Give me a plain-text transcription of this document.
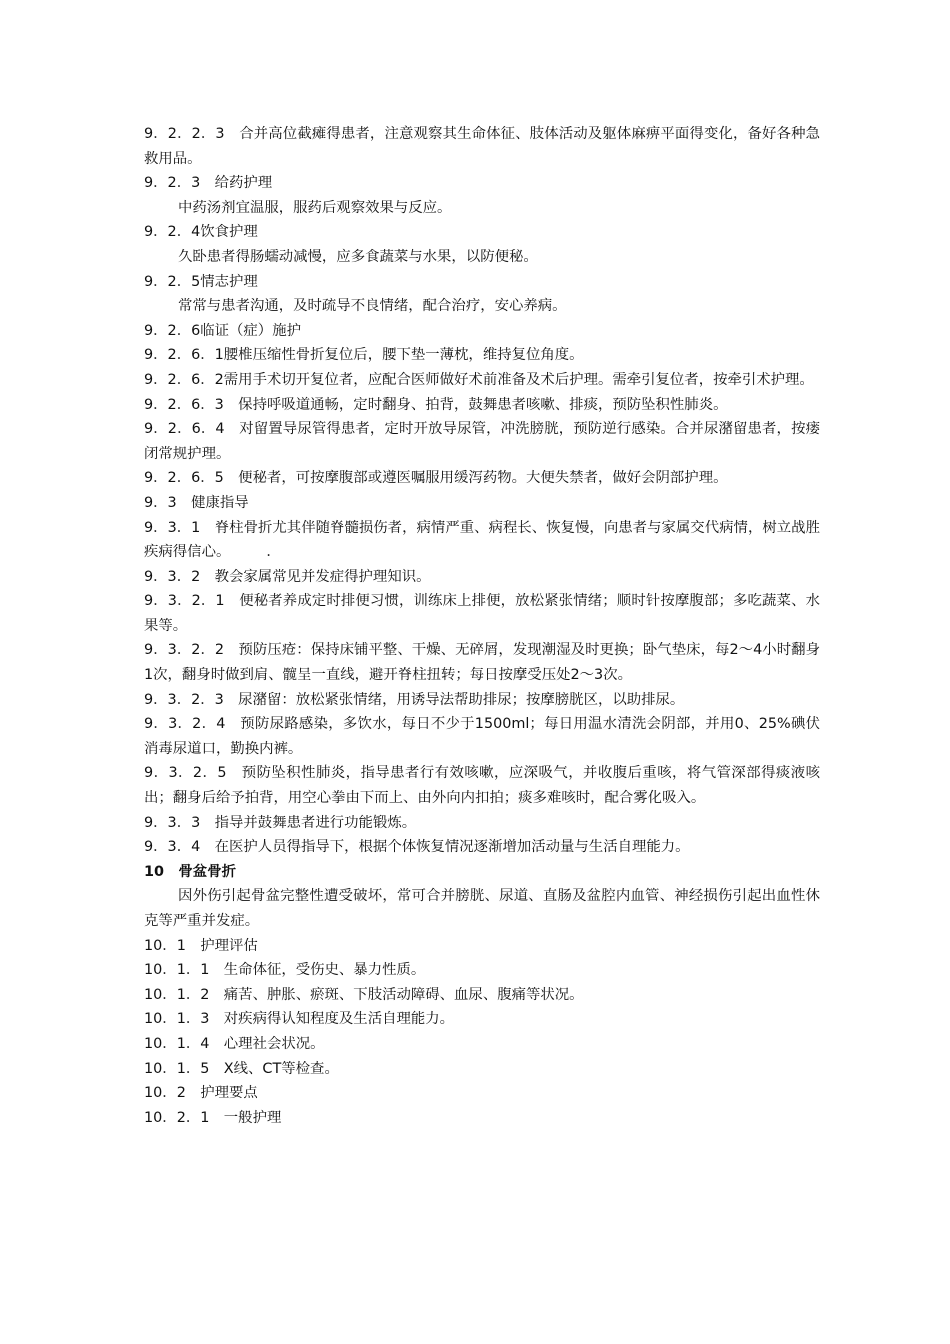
9．2．2．3　合并高位截瘫得患者，注意观察其生命体征、肢体活动及躯体麻痹平面得变化，备好各种急救用品。

9．2．3　给药护理

中药汤剂宜温服，服药后观察效果与反应。

9．2．4饮食护理

久卧患者得肠蠕动减慢，应多食蔬菜与水果，以防便秘。

9．2．5情志护理

常常与患者沟通，及时疏导不良情绪，配合治疗，安心养病。

9．2．6临证（症）施护

9．2．6．1腰椎压缩性骨折复位后，腰下垫一薄枕，维持复位角度。

9．2．6．2需用手术切开复位者，应配合医师做好术前准备及术后护理。需牵引复位者，按牵引术护理。

9．2．6．3　保持呼吸道通畅，定时翻身、拍背，鼓舞患者咳嗽、排痰，预防坠积性肺炎。

9．2．6．4　对留置导尿管得患者，定时开放导尿管，冲洗膀胱，预防逆行感染。合并尿潴留患者，按瘘闭常规护理。

9．2．6．5　便秘者，可按摩腹部或遵医嘱服用缓泻药物。大便失禁者，做好会阴部护理。

9．3　健康指导

9．3．1　脊柱骨折尤其伴随脊髓损伤者，病情严重、病程长、恢复慢，向患者与家属交代病情，树立战胜疾病得信心。　　　．

9．3．2　教会家属常见并发症得护理知识。

9．3．2．1　便秘者养成定时排便习惯，训练床上排便，放松紧张情绪；顺时针按摩腹部；多吃蔬菜、水果等。

9．3．2．2　预防压疮：保持床铺平整、干燥、无碎屑，发现潮湿及时更换；卧气垫床，每2～4小时翻身1次，翻身时做到肩、髋呈一直线，避开脊柱扭转；每日按摩受压处2～3次。

9．3．2．3　尿潴留：放松紧张情绪，用诱导法帮助排尿；按摩膀胱区，以助排尿。

9．3．2．4　预防尿路感染，多饮水，每日不少于1500ml；每日用温水清洗会阴部，并用0、25%碘伏消毒尿道口，勤换内裤。

9．3．2．5　预防坠积性肺炎，指导患者行有效咳嗽，应深吸气，并收腹后重咳，将气管深部得痰液咳出；翻身后给予拍背，用空心拳由下而上、由外向内扣拍；痰多难咳时，配合雾化吸入。

9．3．3　指导并鼓舞患者进行功能锻炼。

9．3．4　在医护人员得指导下，根据个体恢复情况逐渐增加活动量与生活自理能力。

10　骨盆骨折

因外伤引起骨盆完整性遭受破坏，常可合并膀胱、尿道、直肠及盆腔内血管、神经损伤引起出血性休克等严重并发症。

10．1　护理评估

10．1．1　生命体征，受伤史、暴力性质。

10．1．2　痛苦、肿胀、瘀斑、下肢活动障碍、血尿、腹痛等状况。

10．1．3　对疾病得认知程度及生活自理能力。

10．1．4　心理社会状况。

10．1．5　X线、CT等检查。

10．2　护理要点

10．2．1　一般护理
